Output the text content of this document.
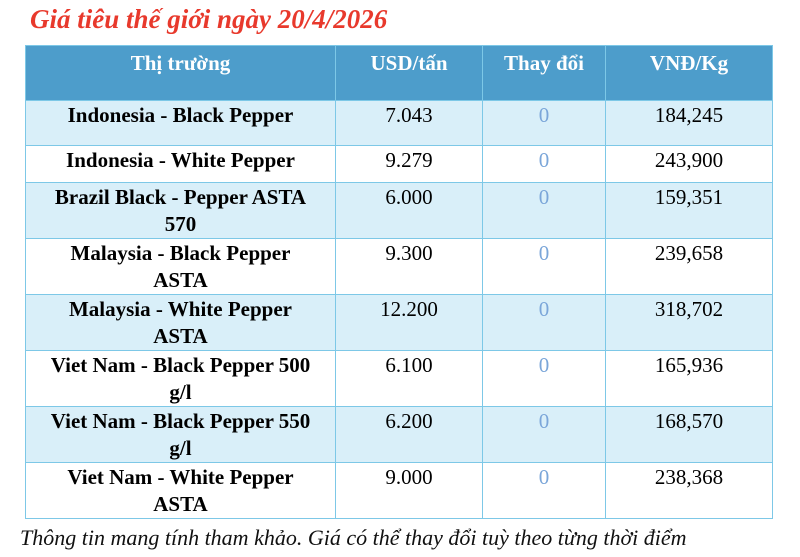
Giá tiêu thế giới ngày 20/4/2026
Thị trường	USD/tấn	Thay đổi	VNĐ/Kg
Indonesia - Black Pepper	7.043	0	184,245
Indonesia - White Pepper	9.279	0	243,900
Brazil Black - Pepper ASTA 570	6.000	0	159,351
Malaysia - Black Pepper ASTA	9.300	0	239,658
Malaysia - White Pepper ASTA	12.200	0	318,702
Viet Nam - Black Pepper 500 g/l	6.100	0	165,936
Viet Nam - Black Pepper 550 g/l	6.200	0	168,570
Viet Nam - White Pepper ASTA	9.000	0	238,368

Thông tin mang tính tham khảo. Giá có thể thay đổi tuỳ theo từng thời điểm
